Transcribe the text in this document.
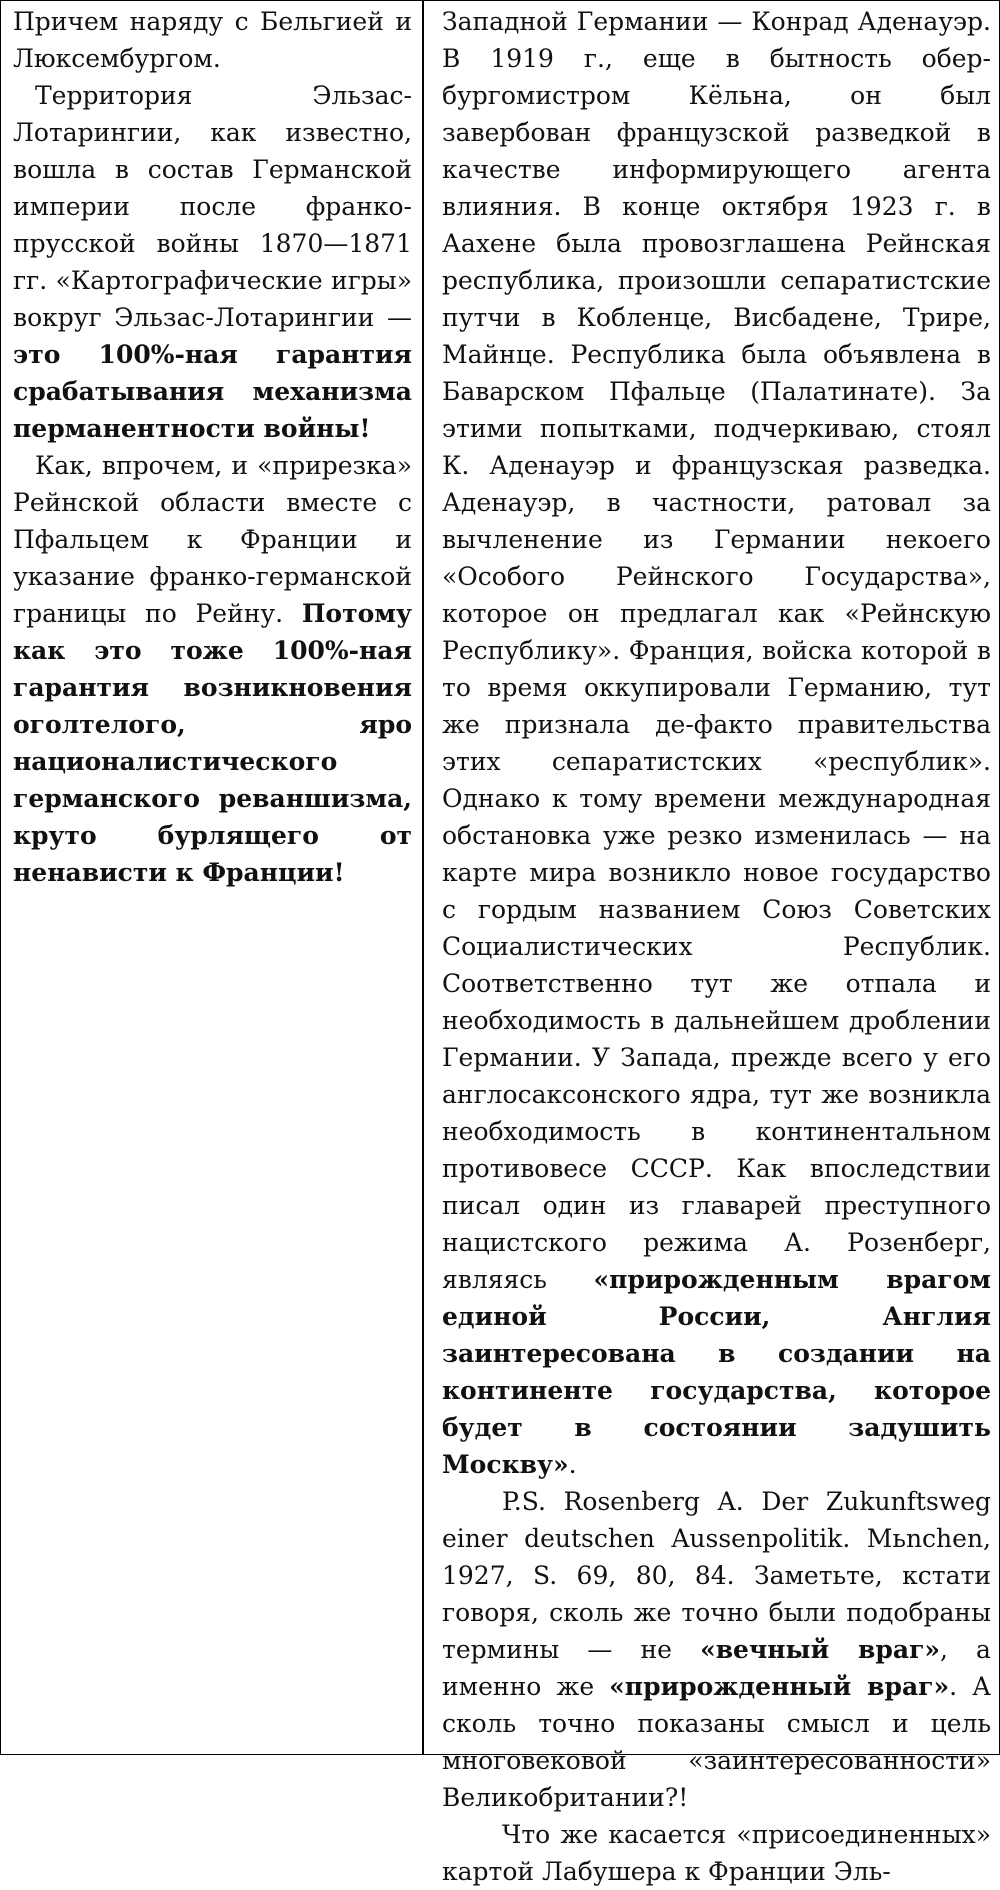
Причем наряду с Бельгией и Люксембургом.

Территория Эльзас-Лотарингии, как известно, вошла в состав Германской империи после франко-прусской войны 1870—1871 гг. «Картографические игры» вокруг Эльзас-Лотарингии — это 100%-ная гарантия срабатывания механизма перманентности войны!

Как, впрочем, и «прирезка» Рейнской области вместе с Пфальцем к Франции и указание франко-германской границы по Рейну. Потому как это тоже 100%-ная гарантия возникновения оголтелого, яро националистического германского реваншизма, круто бурлящего от ненависти к Франции!

Западной Германии — Конрад Аденауэр. В 1919 г., еще в бытность обер-бургомистром Кёльна, он был завербован французской разведкой в качестве информирующего агента влияния. В конце октября 1923 г. в Аахене была провозглашена Рейнская республика, произошли сепаратистские путчи в Кобленце, Висбадене, Трире, Майнце. Республика была объявлена в Баварском Пфальце (Палатинате). За этими попытками, подчеркиваю, стоял К. Аденауэр и французская разведка. Аденауэр, в частности, ратовал за вычленение из Германии некоего «Особого Рейнского Государства», которое он предлагал как «Рейнскую Республику». Франция, войска которой в то время оккупировали Германию, тут же признала де-факто правительства этих сепаратистских «республик». Однако к тому времени международная обстановка уже резко изменилась — на карте мира возникло новое государство с гордым названием Союз Советских Социалистических Республик. Соответственно тут же отпала и необходимость в дальнейшем дроблении Германии. У Запада, прежде всего у его англосаксонского ядра, тут же возникла необходимость в континентальном противовесе СССР. Как впоследствии писал один из главарей преступного нацистского режима А. Розенберг, являясь «прирожденным врагом единой России, Англия заинтересована в создании на континенте государства, которое будет в состоянии задушить Москву».

P.S. Rosenberg A. Der Zukunftsweg einer deutschen Aussenpolitik. Mьnchen, 1927, S. 69, 80, 84. Заметьте, кстати говоря, сколь же точно были подобраны термины — не «вечный враг», а именно же «прирожденный враг». А сколь точно показаны смысл и цель многовековой «заинтересованности» Великобритании?!

Что же касается «присоединенных» картой Лабушера к Франции Эль-
